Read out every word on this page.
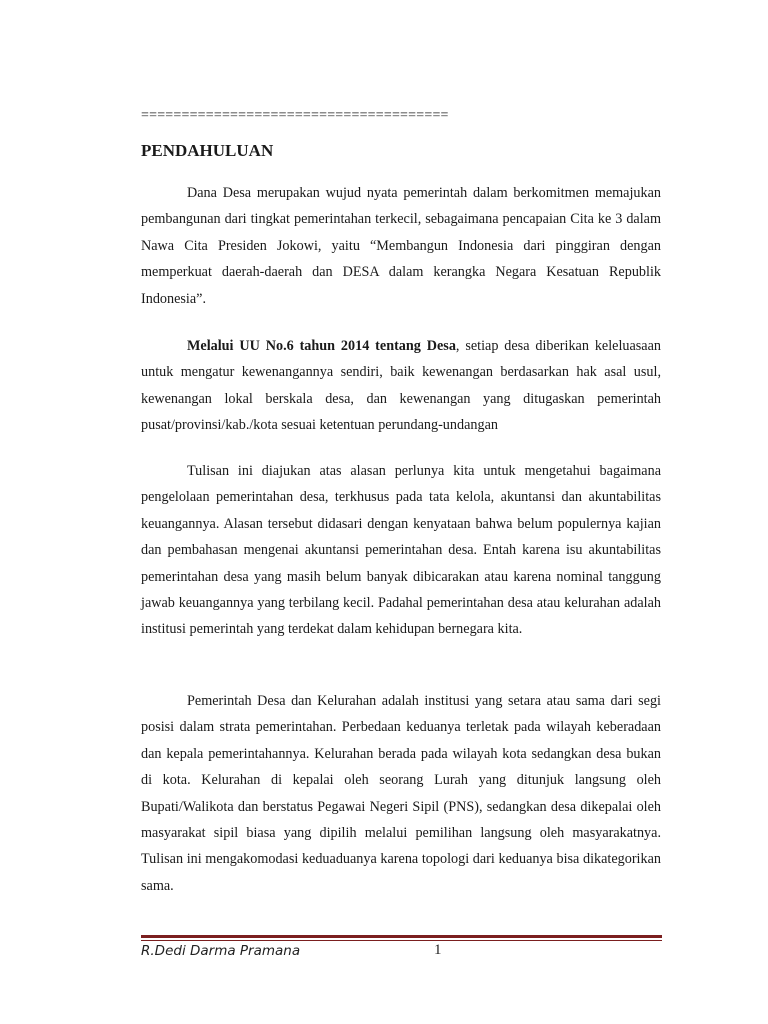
======================================
PENDAHULUAN

Dana Desa merupakan wujud nyata pemerintah dalam berkomitmen memajukan pembangunan dari tingkat pemerintahan terkecil, sebagaimana pencapaian Cita ke 3 dalam Nawa Cita Presiden Jokowi, yaitu “Membangun Indonesia dari pinggiran dengan memperkuat daerah-daerah dan DESA dalam kerangka Negara Kesatuan Republik Indonesia”.

Melalui UU No.6 tahun 2014 tentang Desa, setiap desa diberikan keleluasaan untuk mengatur kewenangannya sendiri, baik kewenangan berdasarkan hak asal usul, kewenangan lokal berskala desa, dan kewenangan yang ditugaskan pemerintah pusat/provinsi/kab./kota sesuai ketentuan perundang-undangan

Tulisan ini diajukan atas alasan perlunya kita untuk mengetahui bagaimana pengelolaan pemerintahan desa, terkhusus pada tata kelola, akuntansi dan akuntabilitas keuangannya. Alasan tersebut didasari dengan kenyataan bahwa belum populernya kajian dan pembahasan mengenai akuntansi pemerintahan desa. Entah karena isu akuntabilitas pemerintahan desa yang masih belum banyak dibicarakan atau karena nominal tanggung jawab keuangannya yang terbilang kecil. Padahal pemerintahan desa atau kelurahan adalah institusi pemerintah yang terdekat dalam kehidupan bernegara kita.

Pemerintah Desa dan Kelurahan adalah institusi yang setara atau sama dari segi posisi dalam strata pemerintahan. Perbedaan keduanya terletak pada wilayah keberadaan dan kepala pemerintahannya. Kelurahan berada pada wilayah kota sedangkan desa bukan di kota. Kelurahan di kepalai oleh seorang Lurah yang ditunjuk langsung oleh Bupati/Walikota dan berstatus Pegawai Negeri Sipil (PNS), sedangkan desa dikepalai oleh masyarakat sipil biasa yang dipilih melalui pemilihan langsung oleh masyarakatnya. Tulisan ini mengakomodasi keduaduanya karena topologi dari keduanya bisa dikategorikan sama.

R.Dedi Darma Pramana	1
